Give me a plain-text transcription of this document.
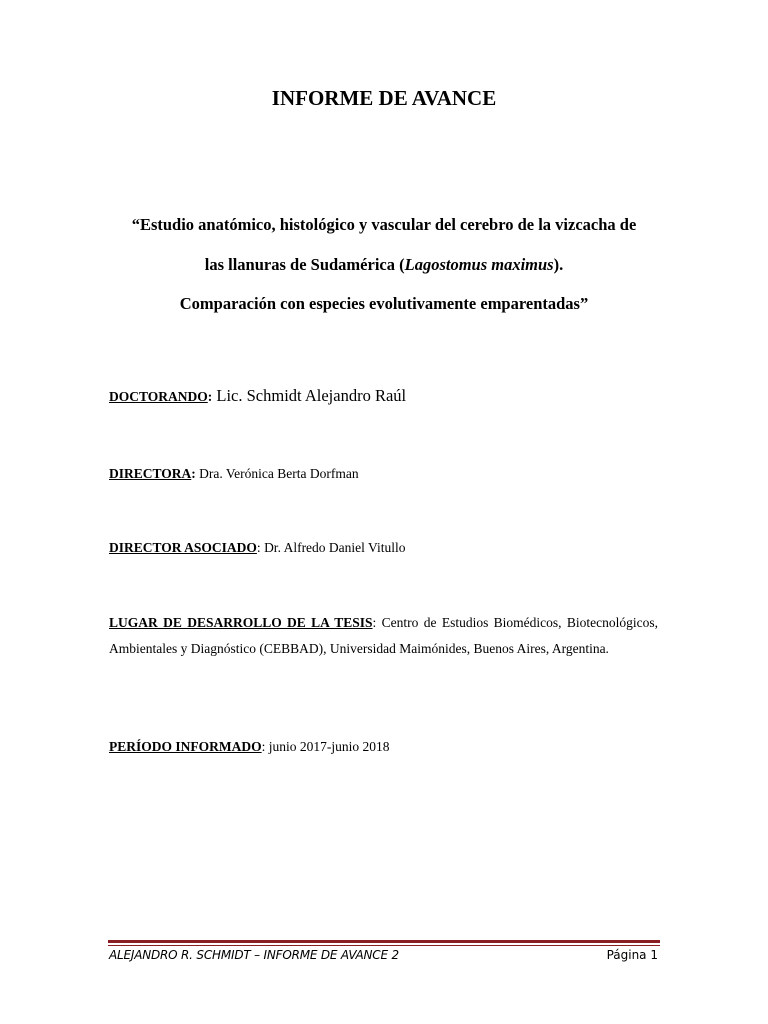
INFORME DE AVANCE
“Estudio anatómico, histológico y vascular del cerebro de la vizcacha de
las llanuras de Sudamérica (Lagostomus maximus).
Comparación con especies evolutivamente emparentadas”
DOCTORANDO: Lic. Schmidt Alejandro Raúl
DIRECTORA: Dra. Verónica Berta Dorfman
DIRECTOR ASOCIADO: Dr. Alfredo Daniel Vitullo
LUGAR DE DESARROLLO DE LA TESIS: Centro de Estudios Biomédicos, Biotecnológicos, Ambientales y Diagnóstico (CEBBAD), Universidad Maimónides, Buenos Aires, Argentina.
PERÍODO INFORMADO: junio 2017-junio 2018
ALEJANDRO R. SCHMIDT – INFORME DE AVANCE 2	Página 1
